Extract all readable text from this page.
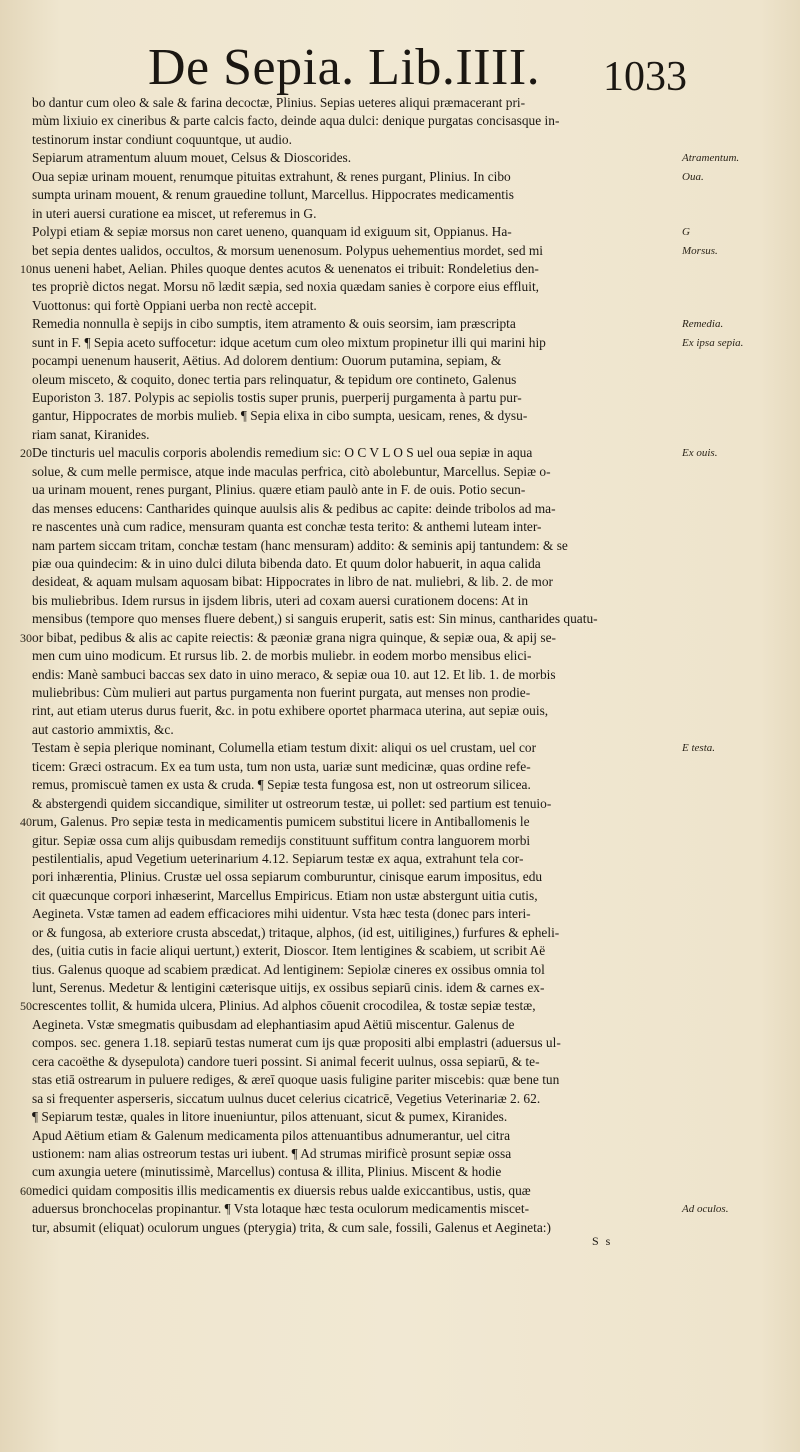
De Sepia. Lib.IIII. 1033
bo dantur cum oleo & sale & farina decoctæ, Plinius. Sepias ueteres aliqui præmacerant pri-
mùm lixiuio ex cineribus & parte calcis facto, deinde aqua dulci: denique purgatas concisasque in-
testinorum instar condiunt coquuntque, ut audio.
Sepiarum atramentum aluum mouet, Celsus & Dioscorides.	Atramentum.
Oua sepiæ urinam mouent, renumque pituitas extrahunt, & renes purgant, Plinius. In cibo	Oua.
sumpta urinam mouent, & renum grauedine tollunt, Marcellus. Hippocrates medicamentis
in uteri auersi curatione ea miscet, ut referemus in G.
Polypi etiam & sepiæ morsus non caret ueneno, quanquam id exiguum sit, Oppianus. Ha-	G
bet sepia dentes ualidos, occultos, & morsum uenenosum. Polypus uehementius mordet, sed mi	Morsus.
10 nus ueneni habet, Aelian. Philes quoque dentes acutos & uenenatos ei tribuit: Rondeletius den-
tes propriè dictos negat. Morsu nō lædit sæpia, sed noxia quædam sanies è corpore eius effluit,
Vuottonus: qui fortè Oppiani uerba non rectè accepit.
Remedia nonnulla è sepijs in cibo sumptis, item atramento & ouis seorsim, iam præscripta	Remedia.
sunt in F. ¶ Sepia aceto suffocetur: idque acetum cum oleo mixtum propinetur illi qui marini hip	Ex ipsa sepia.
pocampi uenenum hauserit, Aëtius. Ad dolorem dentium: Ouorum putamina, sepiam, &
oleum misceto, & coquito, donec tertia pars relinquatur, & tepidum ore contineto, Galenus
Euporiston 3. 187. Polypis ac sepiolis tostis super prunis, puerperij purgamenta à partu pur-
gantur, Hippocrates de morbis mulieb. ¶ Sepia elixa in cibo sumpta, uesicam, renes, & dysu-
riam sanat, Kiranides.
20 De tincturis uel maculis corporis abolendis remedium sic: O C V L O S uel oua sepiæ in aqua	Ex ouis.
solue, & cum melle permisce, atque inde maculas perfrica, citò abolebuntur, Marcellus. Sepiæ o-
ua urinam mouent, renes purgant, Plinius. quære etiam paulò ante in F. de ouis. Potio secun-
das menses educens: Cantharides quinque auulsis alis & pedibus ac capite: deinde tribolos ad ma-
re nascentes unà cum radice, mensuram quanta est conchæ testa terito: & anthemi luteam inter-
nam partem siccam tritam, conchæ testam (hanc mensuram) addito: & seminis apij tantundem: & se
piæ oua quindecim: & in uino dulci diluta bibenda dato. Et quum dolor habuerit, in aqua calida
desideat, & aquam mulsam aquosam bibat: Hippocrates in libro de nat. muliebri, & lib. 2. de mor
bis muliebribus. Idem rursus in ijsdem libris, uteri ad coxam auersi curationem docens: At in
mensibus (tempore quo menses fluere debent,) si sanguis eruperit, satis est: Sin minus, cantharides quatu-
30 or bibat, pedibus & alis ac capite reiectis: & pæoniæ grana nigra quinque, & sepiæ oua, & apij se-
men cum uino modicum. Et rursus lib. 2. de morbis muliebr. in eodem morbo mensibus elici-
endis: Manè sambuci baccas sex dato in uino meraco, & sepiæ oua 10. aut 12. Et lib. 1. de morbis
muliebribus: Cùm mulieri aut partus purgamenta non fuerint purgata, aut menses non prodie-
rint, aut etiam uterus durus fuerit, &c. in potu exhibere oportet pharmaca uterina, aut sepiæ ouis,
aut castorio ammixtis, &c.
Testam è sepia plerique nominant, Columella etiam testum dixit: aliqui os uel crustam, uel cor	E testa.
ticem: Græci ostracum. Ex ea tum usta, tum non usta, uariæ sunt medicinæ, quas ordine refe-
remus, promiscuè tamen ex usta & cruda. ¶ Sepiæ testa fungosa est, non ut ostreorum silicea.
& abstergendi quidem siccandique, similiter ut ostreorum testæ, ui pollet: sed partium est tenuio-
40 rum, Galenus. Pro sepiæ testa in medicamentis pumicem substitui licere in Antiballomenis le
gitur. Sepiæ ossa cum alijs quibusdam remedijs constituunt suffitum contra languorem morbi
pestilentialis, apud Vegetium ueterinarium 4.12. Sepiarum testæ ex aqua, extrahunt tela cor-
pori inhærentia, Plinius. Crustæ uel ossa sepiarum comburuntur, cinisque earum impositus, edu
cit quæcunque corpori inhæserint, Marcellus Empiricus. Etiam non ustæ abstergunt uitia cutis,
Aegineta. Vstæ tamen ad eadem efficaciores mihi uidentur. Vsta hæc testa (donec pars interi-
or & fungosa, ab exteriore crusta abscedat,) tritaque, alphos, (id est, uitiligines,) furfures & epheli-
des, (uitia cutis in facie aliqui uertunt,) exterit, Dioscor. Item lentigines & scabiem, ut scribit Aë
tius. Galenus quoque ad scabiem prædicat. Ad lentiginem: Sepiolæ cineres ex ossibus omnia tol
lunt, Serenus. Medetur & lentigini cæterisque uitijs, ex ossibus sepiarū cinis. idem & carnes ex-
50 crescentes tollit, & humida ulcera, Plinius. Ad alphos cōuenit crocodilea, & tostæ sepiæ testæ,
Aegineta. Vstæ smegmatis quibusdam ad elephantiasim apud Aëtiū miscentur. Galenus de
compos. sec. genera 1.18. sepiarū testas numerat cum ijs quæ propositi albi emplastri (aduersus ul-
cera cacoëthe & dysepulota) candore tueri possint. Si animal fecerit uulnus, ossa sepiarū, & te-
stas etiā ostrearum in puluere rediges, & æreī quoque uasis fuligine pariter miscebis: quæ bene tun
sa si frequenter asperseris, siccatum uulnus ducet celerius cicatricē, Vegetius Veterinariæ 2. 62.
¶ Sepiarum testæ, quales in litore inueniuntur, pilos attenuant, sicut & pumex, Kiranides.
Apud Aëtium etiam & Galenum medicamenta pilos attenuantibus adnumerantur, uel citra
ustionem: nam alias ostreorum testas uri iubent. ¶ Ad strumas mirificè prosunt sepiæ ossa
cum axungia uetere (minutissimè, Marcellus) contusa & illita, Plinius. Miscent & hodie
60 medici quidam compositis illis medicamentis ex diuersis rebus ualde exiccantibus, ustis, quæ
aduersus bronchocelas propinantur. ¶ Vsta lotaque hæc testa oculorum medicamentis miscet-	Ad oculos.
tur, absumit (eliquat) oculorum ungues (pterygia) trita, & cum sale, fossili, Galenus et Aegineta:)
S s
